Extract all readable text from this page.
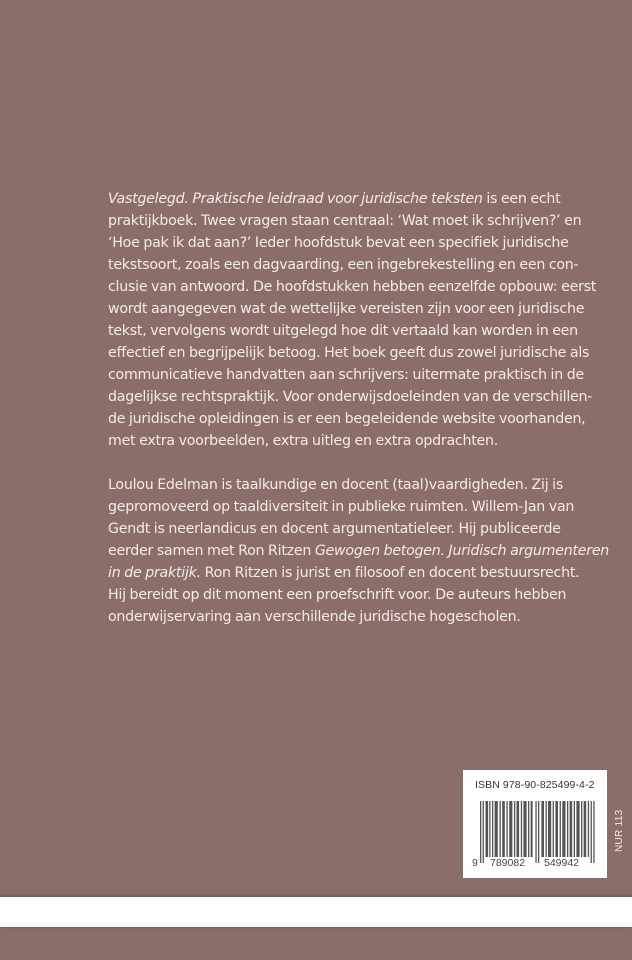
Vastgelegd. Praktische leidraad voor juridische teksten is een echt
praktijkboek. Twee vragen staan centraal: ‘Wat moet ik schrijven?’ en
‘Hoe pak ik dat aan?’ Ieder hoofdstuk bevat een specifiek juridische
tekstsoort, zoals een dagvaarding, een ingebrekestelling en een con-
clusie van antwoord. De hoofdstukken hebben eenzelfde opbouw: eerst
wordt aangegeven wat de wettelijke vereisten zijn voor een juridische
tekst, vervolgens wordt uitgelegd hoe dit vertaald kan worden in een
effectief en begrijpelijk betoog. Het boek geeft dus zowel juridische als
communicatieve handvatten aan schrijvers: uitermate praktisch in de
dagelijkse rechtspraktijk. Voor onderwijsdoeleinden van de verschillen-
de juridische opleidingen is er een begeleidende website voorhanden,
met extra voorbeelden, extra uitleg en extra opdrachten.

Loulou Edelman is taalkundige en docent (taal)vaardigheden. Zij is
gepromoveerd op taaldiversiteit in publieke ruimten. Willem-Jan van
Gendt is neerlandicus en docent argumentatieleer. Hij publiceerde
eerder samen met Ron Ritzen Gewogen betogen. Juridisch argumenteren
in de praktijk. Ron Ritzen is jurist en filosoof en docent bestuursrecht.
Hij bereidt op dit moment een proefschrift voor. De auteurs hebben
onderwijservaring aan verschillende juridische hogescholen.

ISBN 978-90-825499-4-2
9 789082 549942
NUR 113
